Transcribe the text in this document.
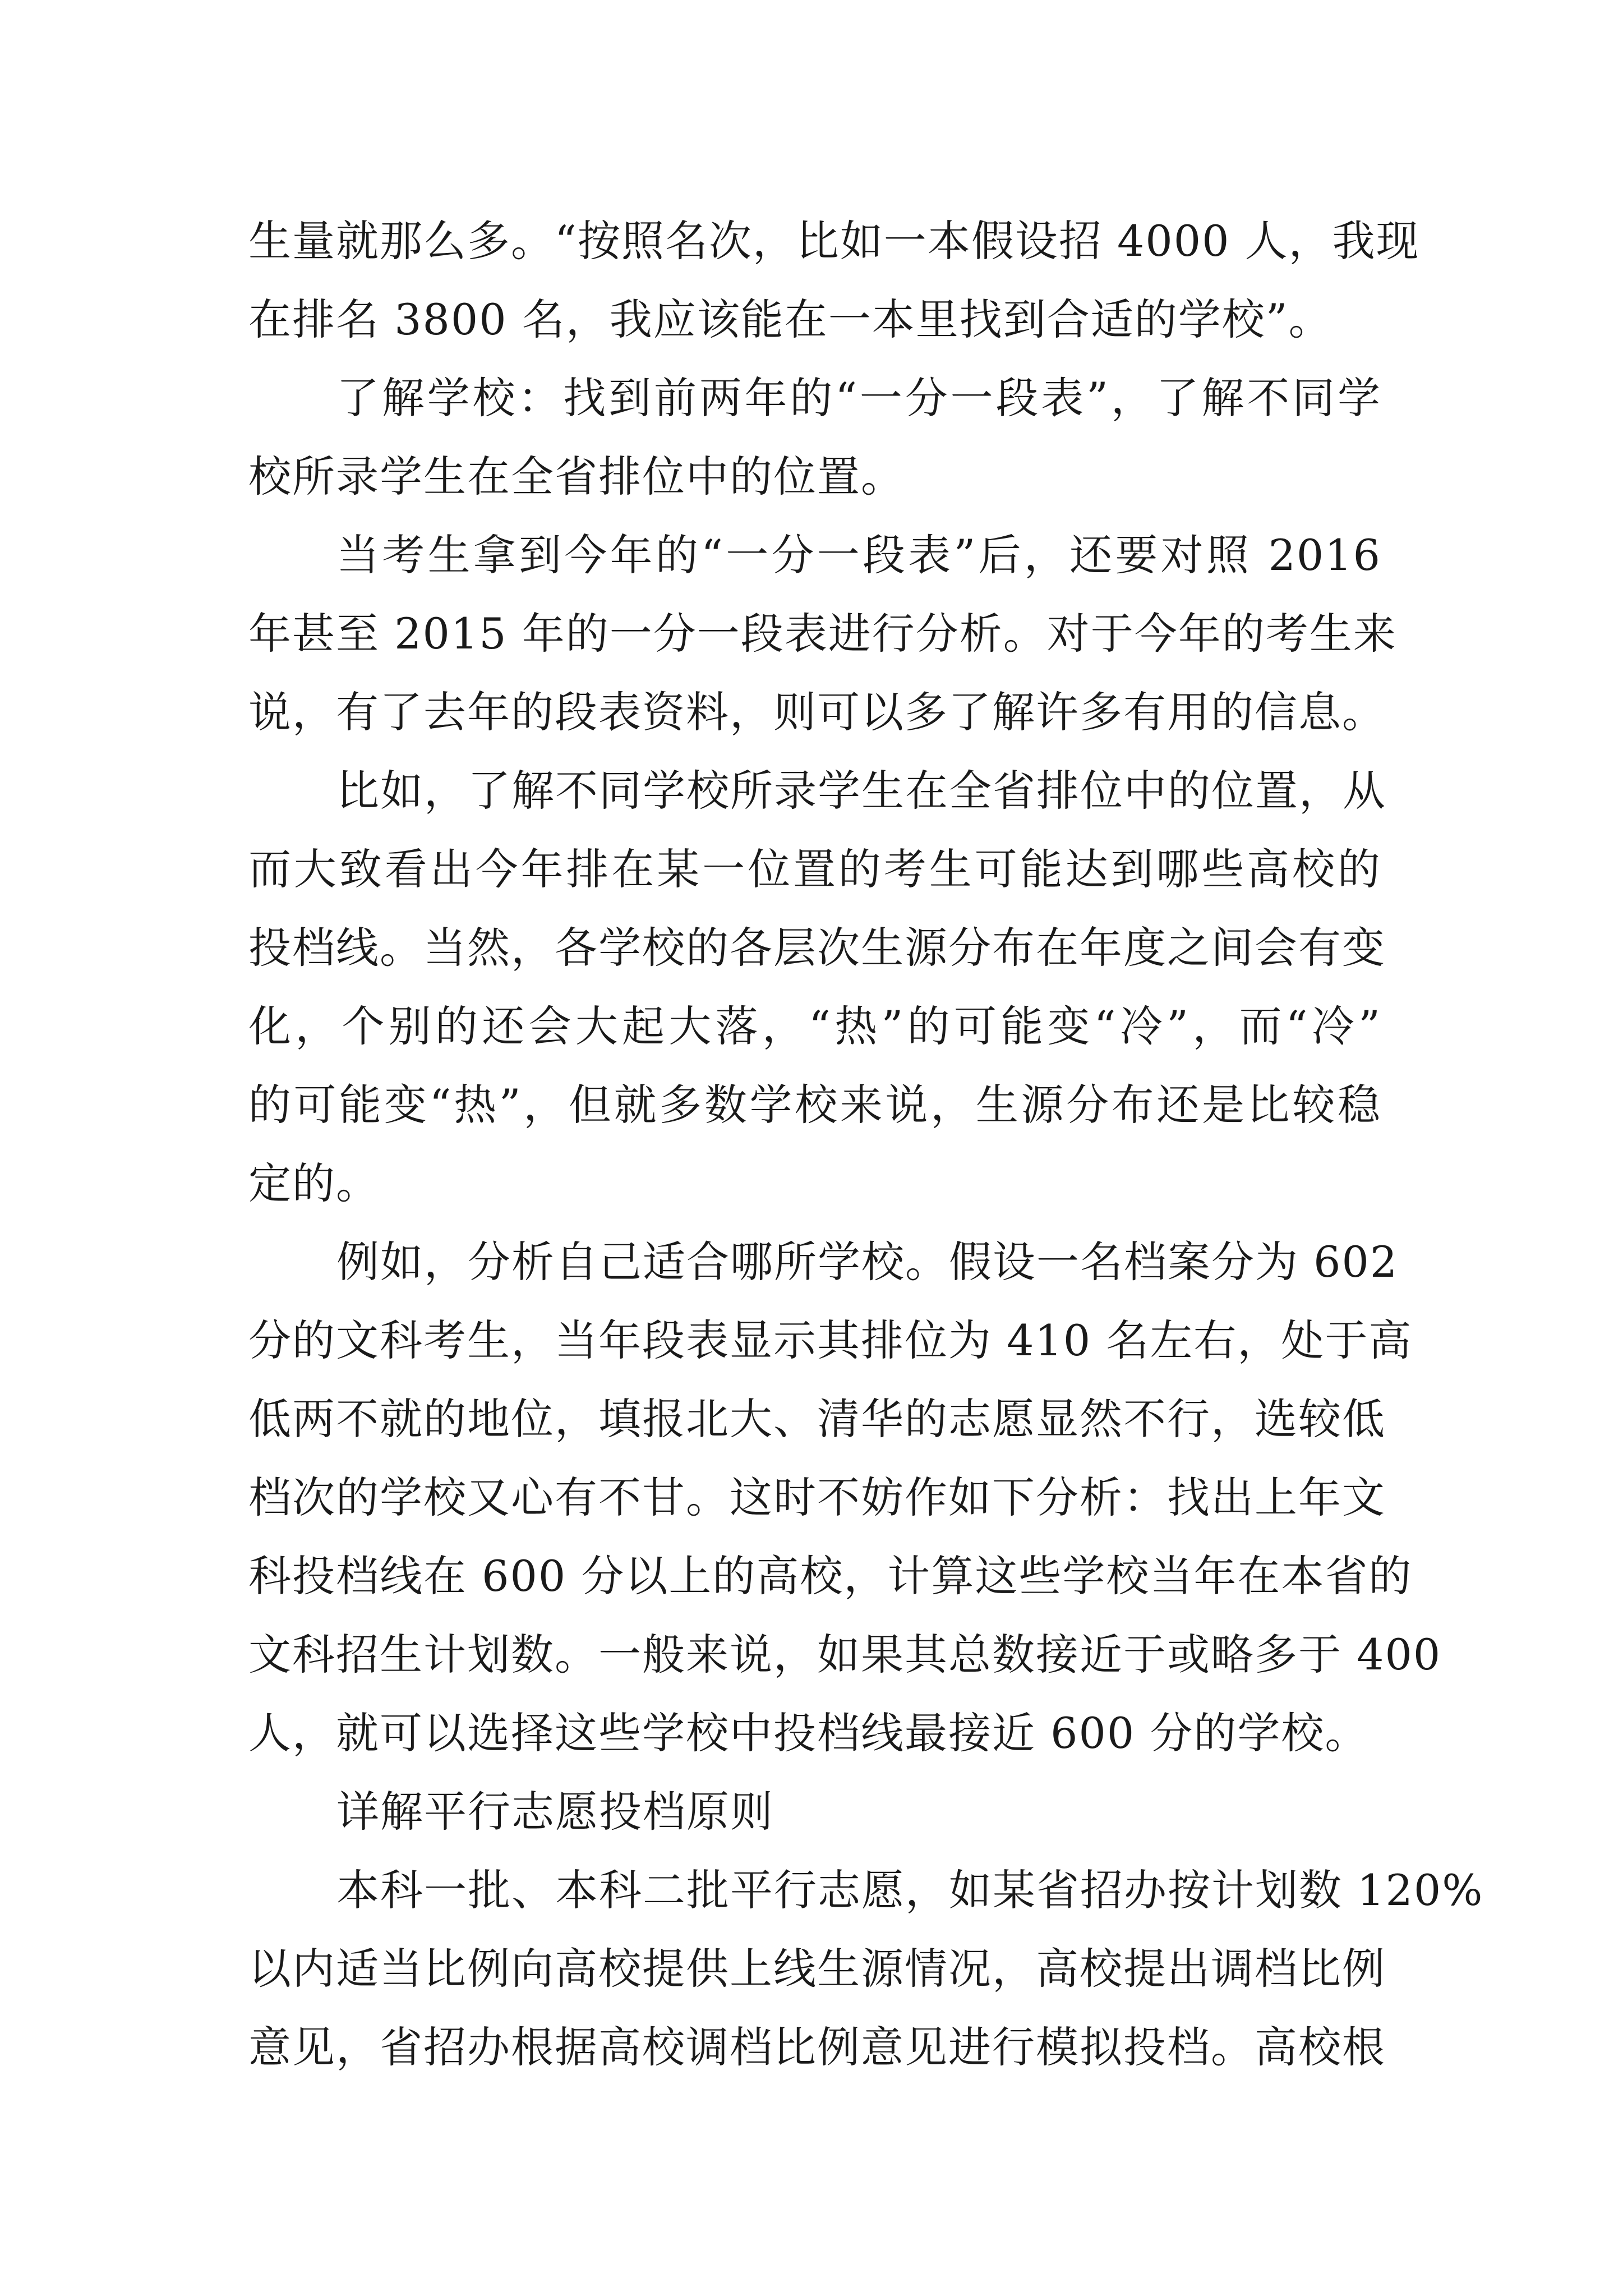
生量就那么多。“按照名次，比如一本假设招 4000 人，我现
在排名 3800 名，我应该能在一本里找到合适的学校”。
了解学校：找到前两年的“一分一段表”，了解不同学
校所录学生在全省排位中的位置。
当考生拿到今年的“一分一段表”后，还要对照 2016
年甚至 2015 年的一分一段表进行分析。对于今年的考生来
说，有了去年的段表资料，则可以多了解许多有用的信息。
比如，了解不同学校所录学生在全省排位中的位置，从
而大致看出今年排在某一位置的考生可能达到哪些高校的
投档线。当然，各学校的各层次生源分布在年度之间会有变
化，个别的还会大起大落，“热”的可能变“冷”，而“冷”
的可能变“热”，但就多数学校来说，生源分布还是比较稳
定的。
例如，分析自己适合哪所学校。假设一名档案分为 602
分的文科考生，当年段表显示其排位为 410 名左右，处于高
低两不就的地位，填报北大、清华的志愿显然不行，选较低
档次的学校又心有不甘。这时不妨作如下分析：找出上年文
科投档线在 600 分以上的高校，计算这些学校当年在本省的
文科招生计划数。一般来说，如果其总数接近于或略多于 400
人，就可以选择这些学校中投档线最接近 600 分的学校。
详解平行志愿投档原则
本科一批、本科二批平行志愿，如某省招办按计划数 120%
以内适当比例向高校提供上线生源情况，高校提出调档比例
意见，省招办根据高校调档比例意见进行模拟投档。高校根
